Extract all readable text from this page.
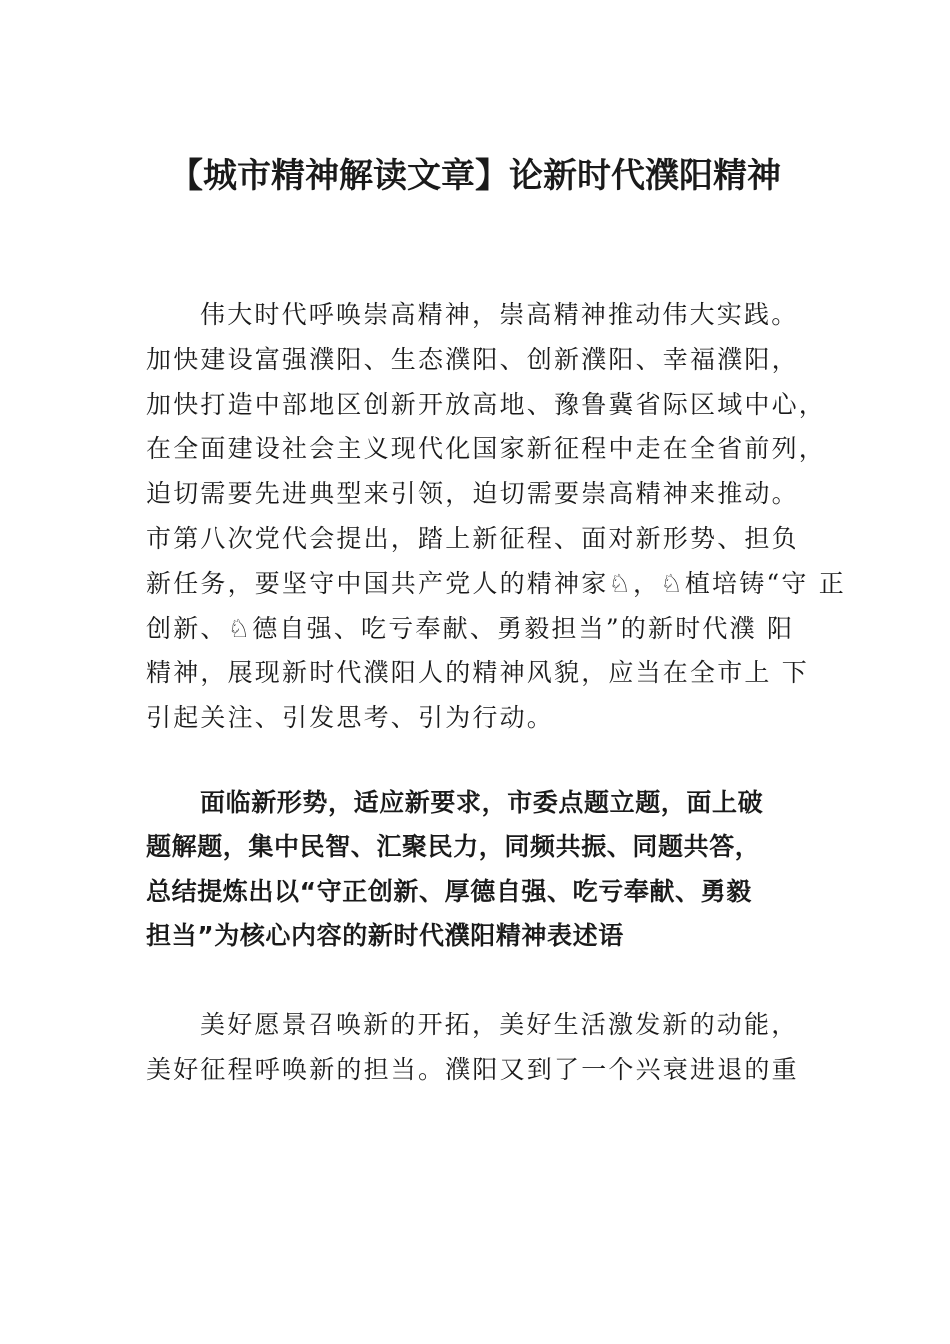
【城市精神解读文章】论新时代濮阳精神

伟大时代呼唤崇高精神，崇高精神推动伟大实践。
加快建设富强濮阳、生态濮阳、创新濮阳、幸福濮阳，
加快打造中部地区创新开放高地、豫鲁冀省际区域中心，
在全面建设社会主义现代化国家新征程中走在全省前列，
迫切需要先进典型来引领，迫切需要崇高精神来推动。
市第八次党代会提出，踏上新征程、面对新形势、担负
新任务，要坚守中国共产党人的精神家♘，♘植培铸“守 正
创新、♘德自强、吃亏奉献、勇毅担当”的新时代濮 阳
精神，展现新时代濮阳人的精神风貌，应当在全市上 下
引起关注、引发思考、引为行动。

面临新形势，适应新要求，市委点题立题，面上破
题解题，集中民智、汇聚民力，同频共振、同题共答，
总结提炼出以“守正创新、厚德自强、吃亏奉献、勇毅
担当”为核心内容的新时代濮阳精神表述语

美好愿景召唤新的开拓，美好生活激发新的动能，
美好征程呼唤新的担当。濮阳又到了一个兴衰进退的重
